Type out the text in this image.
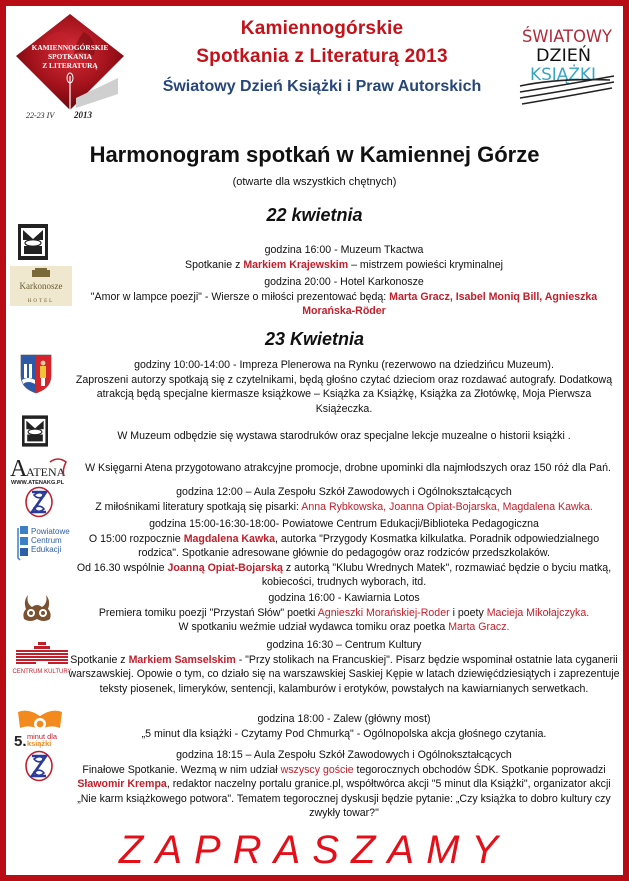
KAMIENNOGÓRSKIE
SPOTKANIA
Z LITERATURĄ
22-23 IV 2013
Kamiennogórskie
Spotkania z Literaturą 2013
Światowy Dzień Książki i Praw Autorskich
ŚWIATOWY
DZIEŃ
KSIĄŻKI
Harmonogram spotkań w Kamiennej Górze
(otwarte dla wszystkich chętnych)
22 kwietnia
godzina 16:00 - Muzeum Tkactwa
Spotkanie z Markiem Krajewskim – mistrzem powieści kryminalnej
Karkonosze
HOTEL
godzina 20:00 - Hotel Karkonosze
"Amor w lampce poezji" - Wiersze o miłości prezentować będą: Marta Gracz, Isabel Moniq Bill, Agnieszka Morańska-Röder
23 Kwietnia
godziny 10:00-14:00 - Impreza Plenerowa na Rynku (rezerwowo na dziedzińcu Muzeum).
Zaproszeni autorzy spotkają się z czytelnikami, będą głośno czytać dzieciom oraz rozdawać autografy. Dodatkową atrakcją będą specjalne kiermasze książkowe – Książka za Książkę, Książka za Złotówkę, Moja Pierwsza Książeczka.
W Muzeum odbędzie się wystawa starodruków oraz specjalne lekcje muzealne o historii książki .
A
ATENA
WWW.ATENAKG.PL
W Księgarni Atena przygotowano atrakcyjne promocje, drobne upominki dla najmłodszych oraz 150 róż dla Pań.
godzina 12:00 – Aula Zespołu Szkół Zawodowych i Ogólnokształcących
Z miłośnikami literatury spotkają się pisarki: Anna Rybkowska, Joanna Opiat-Bojarska, Magdalena Kawka.
Powiatowe
Centrum
Edukacji
godzina 15:00-16:30-18:00- Powiatowe Centrum Edukacji/Biblioteka Pedagogiczna
O 15:00 rozpocznie Magdalena Kawka, autorka "Przygody Kosmatka kilkulatka. Poradnik odpowiedzialnego rodzica". Spotkanie adresowane głównie do pedagogów oraz rodziców przedszkolaków.
Od 16.30 wspólnie Joanną Opiat-Bojarską z autorką "Klubu Wrednych Matek", rozmawiać będzie o byciu matką, kobiecości, trudnych wyborach, itd.
godzina 16:00 - Kawiarnia Lotos
Premiera tomiku poezji "Przystań Słów" poetki Agnieszki Morańskiej-Roder i poety Macieja Mikołajczyka.
W spotkaniu weźmie udział wydawca tomiku oraz poetka Marta Gracz.
CENTRUM KULTURY
godzina 16:30 – Centrum Kultury
Spotkanie z Markiem Samselskim - "Przy stolikach na Francuskiej". Pisarz będzie wspominał ostatnie lata cyganerii warszawskiej. Opowie o tym, co działo się na warszawskiej Saskiej Kępie w latach dziewięćdziesiątych i zaprezentuje teksty piosenek, limeryków, sentencji, kalamburów i erotyków, powstałych na kawiarnianych serwetkach.
5. minut dla
książki
godzina 18:00 - Zalew (główny most)
„5 minut dla książki - Czytamy Pod Chmurką" - Ogólnopolska akcja głośnego czytania.
godzina 18:15 – Aula Zespołu Szkół Zawodowych i Ogólnokształcących
Finałowe Spotkanie. Wezmą w nim udział wszyscy goście tegorocznych obchodów ŚDK. Spotkanie poprowadzi Sławomir Krempa, redaktor naczelny portalu granice.pl, współtwórca akcji "5 minut dla Książki", organizator akcji „Nie karm książkowego potwora". Tematem tegorocznej dyskusji będzie pytanie: „Czy książka to dobro kultury czy zwykły towar?"
ZAPRASZAMY
